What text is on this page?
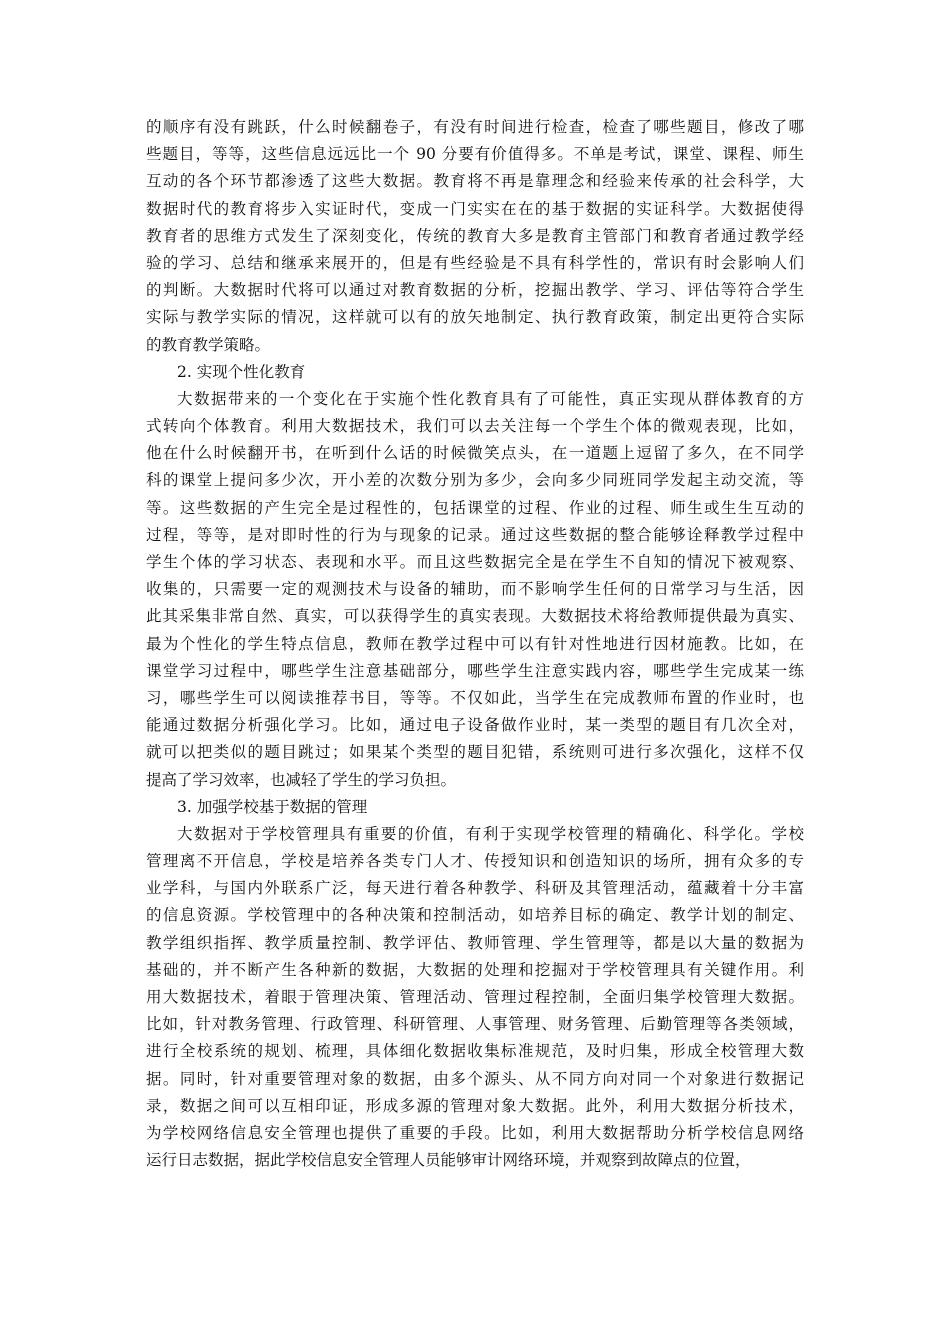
的顺序有没有跳跃，什么时候翻卷子，有没有时间进行检查，检查了哪些题目，修改了哪
些题目，等等，这些信息远远比一个 90 分要有价值得多。不单是考试，课堂、课程、师生
互动的各个环节都渗透了这些大数据。教育将不再是靠理念和经验来传承的社会科学，大
数据时代的教育将步入实证时代，变成一门实实在在的基于数据的实证科学。大数据使得
教育者的思维方式发生了深刻变化，传统的教育大多是教育主管部门和教育者通过教学经
验的学习、总结和继承来展开的，但是有些经验是不具有科学性的，常识有时会影响人们
的判断。大数据时代将可以通过对教育数据的分析，挖掘出教学、学习、评估等符合学生
实际与教学实际的情况，这样就可以有的放矢地制定、执行教育政策，制定出更符合实际
的教育教学策略。
2. 实现个性化教育
大数据带来的一个变化在于实施个性化教育具有了可能性，真正实现从群体教育的方
式转向个体教育。利用大数据技术，我们可以去关注每一个学生个体的微观表现，比如，
他在什么时候翻开书，在听到什么话的时候微笑点头，在一道题上逗留了多久，在不同学
科的课堂上提问多少次，开小差的次数分别为多少，会向多少同班同学发起主动交流，等
等。这些数据的产生完全是过程性的，包括课堂的过程、作业的过程、师生或生生互动的
过程，等等，是对即时性的行为与现象的记录。通过这些数据的整合能够诠释教学过程中
学生个体的学习状态、表现和水平。而且这些数据完全是在学生不自知的情况下被观察、
收集的，只需要一定的观测技术与设备的辅助，而不影响学生任何的日常学习与生活，因
此其采集非常自然、真实，可以获得学生的真实表现。大数据技术将给教师提供最为真实、
最为个性化的学生特点信息，教师在教学过程中可以有针对性地进行因材施教。比如，在
课堂学习过程中，哪些学生注意基础部分，哪些学生注意实践内容，哪些学生完成某一练
习，哪些学生可以阅读推荐书目，等等。不仅如此，当学生在完成教师布置的作业时，也
能通过数据分析强化学习。比如，通过电子设备做作业时，某一类型的题目有几次全对，
就可以把类似的题目跳过；如果某个类型的题目犯错，系统则可进行多次强化，这样不仅
提高了学习效率，也减轻了学生的学习负担。
3. 加强学校基于数据的管理
大数据对于学校管理具有重要的价值，有利于实现学校管理的精确化、科学化。学校
管理离不开信息，学校是培养各类专门人才、传授知识和创造知识的场所，拥有众多的专
业学科，与国内外联系广泛，每天进行着各种教学、科研及其管理活动，蕴藏着十分丰富
的信息资源。学校管理中的各种决策和控制活动，如培养目标的确定、教学计划的制定、
教学组织指挥、教学质量控制、教学评估、教师管理、学生管理等，都是以大量的数据为
基础的，并不断产生各种新的数据，大数据的处理和挖掘对于学校管理具有关键作用。利
用大数据技术，着眼于管理决策、管理活动、管理过程控制，全面归集学校管理大数据。
比如，针对教务管理、行政管理、科研管理、人事管理、财务管理、后勤管理等各类领域，
进行全校系统的规划、梳理，具体细化数据收集标准规范，及时归集，形成全校管理大数
据。同时，针对重要管理对象的数据，由多个源头、从不同方向对同一个对象进行数据记
录，数据之间可以互相印证，形成多源的管理对象大数据。此外，利用大数据分析技术，
为学校网络信息安全管理也提供了重要的手段。比如，利用大数据帮助分析学校信息网络
运行日志数据，据此学校信息安全管理人员能够审计网络环境，并观察到故障点的位置，
